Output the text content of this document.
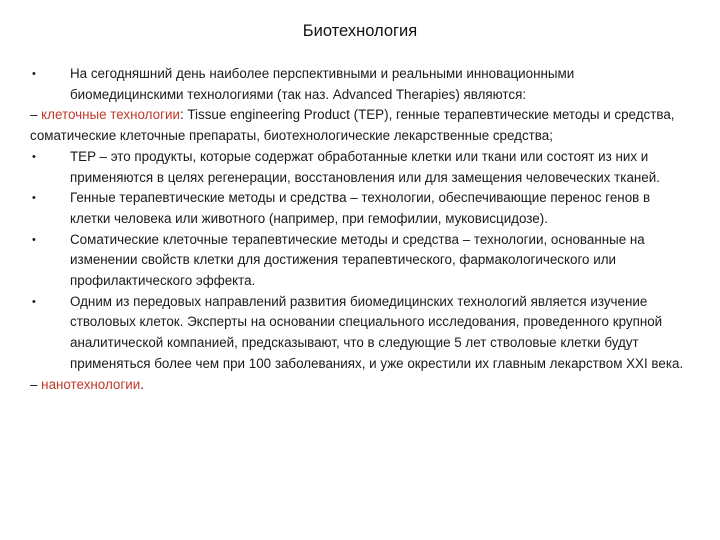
Биотехнология
•	На сегодняшний день наиболее перспективными и реальными инновационными биомедицинскими технологиями (так наз. Advanced Therapies) являются:
– клеточные технологии: Tissue engineering Product (TEP), генные терапевтические методы и средства, соматические клеточные препараты, биотехнологические лекарственные средства;
•	TEP – это продукты, которые содержат обработанные клетки или ткани или состоят из них и применяются в целях регенерации, восстановления или для замещения человеческих тканей.
•	Генные терапевтические методы и средства – технологии, обеспечивающие перенос генов в клетки человека или животного (например, при гемофилии, муковисцидозе).
•	Соматические клеточные терапевтические методы и средства – технологии, основанные на изменении свойств клетки для достижения терапевтического, фармакологического или профилактического эффекта.
•	Одним из передовых направлений развития биомедицинских технологий является изучение стволовых клеток. Эксперты на основании специального исследования, проведенного крупной аналитической компанией, предсказывают, что в следующие 5 лет стволовые клетки будут применяться более чем при 100 заболеваниях, и уже окрестили их главным лекарством XXI века.
– нанотехнологии.
